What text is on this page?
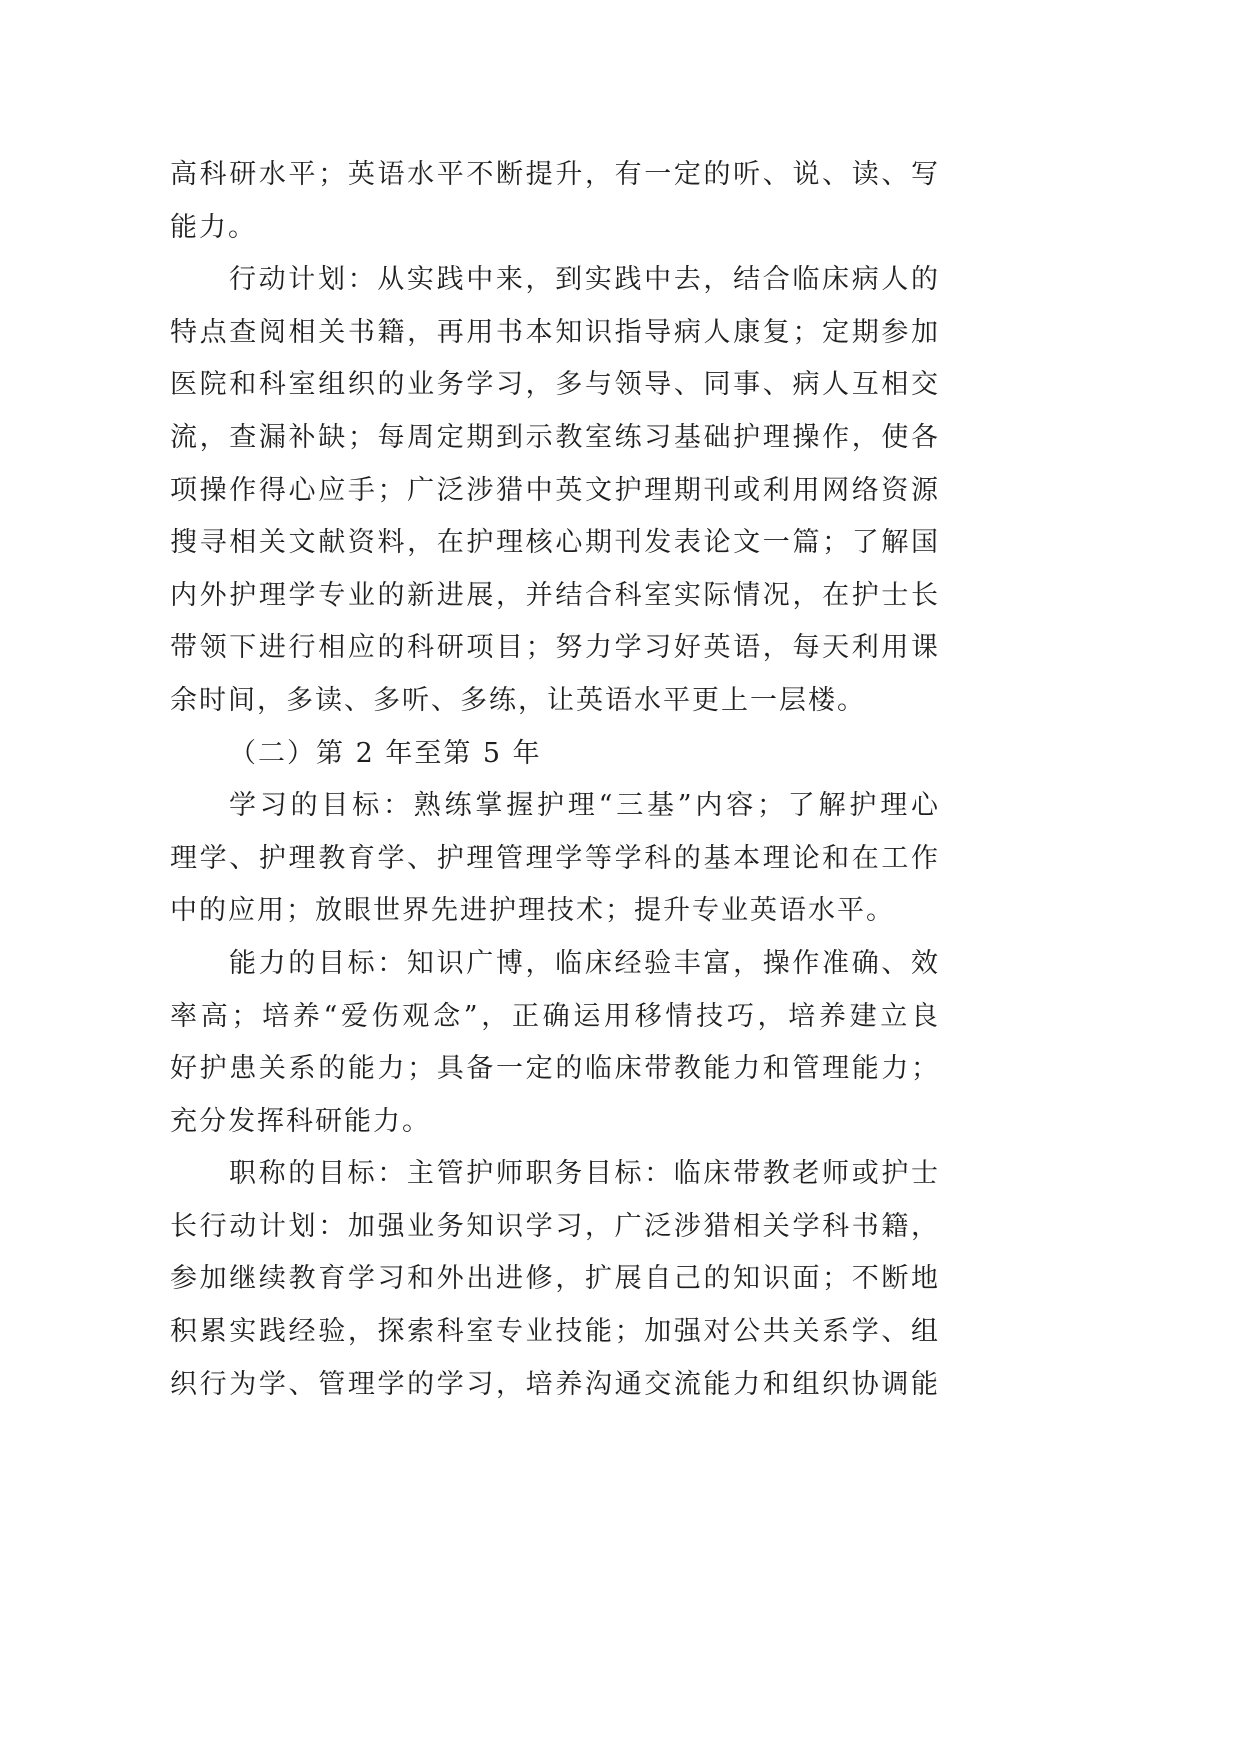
高科研水平；英语水平不断提升，有一定的听、说、读、写
能力。
行动计划：从实践中来，到实践中去，结合临床病人的
特点查阅相关书籍，再用书本知识指导病人康复；定期参加
医院和科室组织的业务学习，多与领导、同事、病人互相交
流，查漏补缺；每周定期到示教室练习基础护理操作，使各
项操作得心应手；广泛涉猎中英文护理期刊或利用网络资源
搜寻相关文献资料，在护理核心期刊发表论文一篇；了解国
内外护理学专业的新进展，并结合科室实际情况，在护士长
带领下进行相应的科研项目；努力学习好英语，每天利用课
余时间，多读、多听、多练，让英语水平更上一层楼。
（二）第 2 年至第 5 年
学习的目标：熟练掌握护理“三基”内容；了解护理心
理学、护理教育学、护理管理学等学科的基本理论和在工作
中的应用；放眼世界先进护理技术；提升专业英语水平。
能力的目标：知识广博，临床经验丰富，操作准确、效
率高；培养“爱伤观念”，正确运用移情技巧，培养建立良
好护患关系的能力；具备一定的临床带教能力和管理能力；
充分发挥科研能力。
职称的目标：主管护师职务目标：临床带教老师或护士
长行动计划：加强业务知识学习，广泛涉猎相关学科书籍，
参加继续教育学习和外出进修，扩展自己的知识面；不断地
积累实践经验，探索科室专业技能；加强对公共关系学、组
织行为学、管理学的学习，培养沟通交流能力和组织协调能
